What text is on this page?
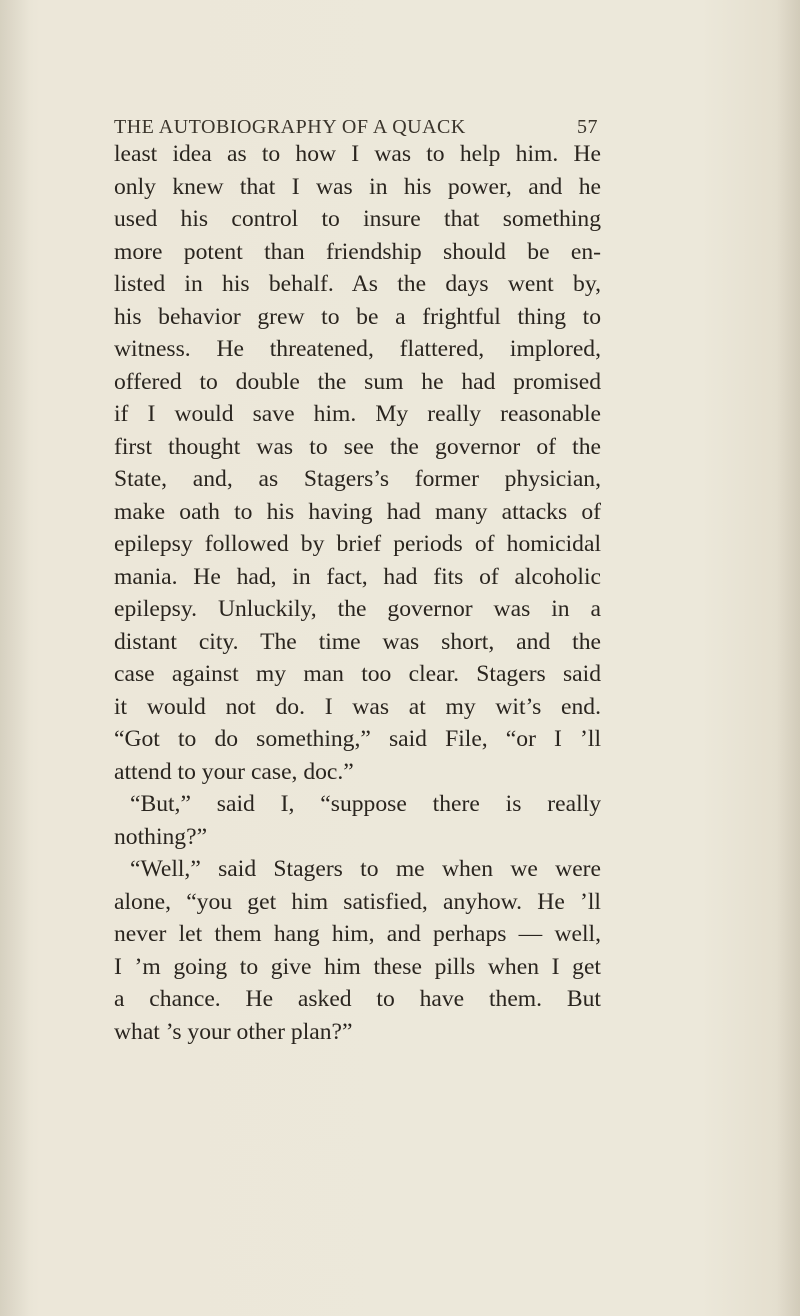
THE AUTOBIOGRAPHY OF A QUACK	57
least idea as to how I was to help him. He
only knew that I was in his power, and he
used his control to insure that something
more potent than friendship should be en-
listed in his behalf. As the days went by,
his behavior grew to be a frightful thing to
witness. He threatened, flattered, implored,
offered to double the sum he had promised
if I would save him. My really reasonable
first thought was to see the governor of the
State, and, as Stagers’s former physician,
make oath to his having had many attacks of
epilepsy followed by brief periods of homicidal
mania. He had, in fact, had fits of alcoholic
epilepsy. Unluckily, the governor was in a
distant city. The time was short, and the
case against my man too clear. Stagers said
it would not do. I was at my wit’s end.
“Got to do something,” said File, “or I ’ll
attend to your case, doc.”
“But,” said I, “suppose there is really
nothing?”
“Well,” said Stagers to me when we were
alone, “you get him satisfied, anyhow. He ’ll
never let them hang him, and perhaps — well,
I ’m going to give him these pills when I get
a chance. He asked to have them. But
what ’s your other plan?”
